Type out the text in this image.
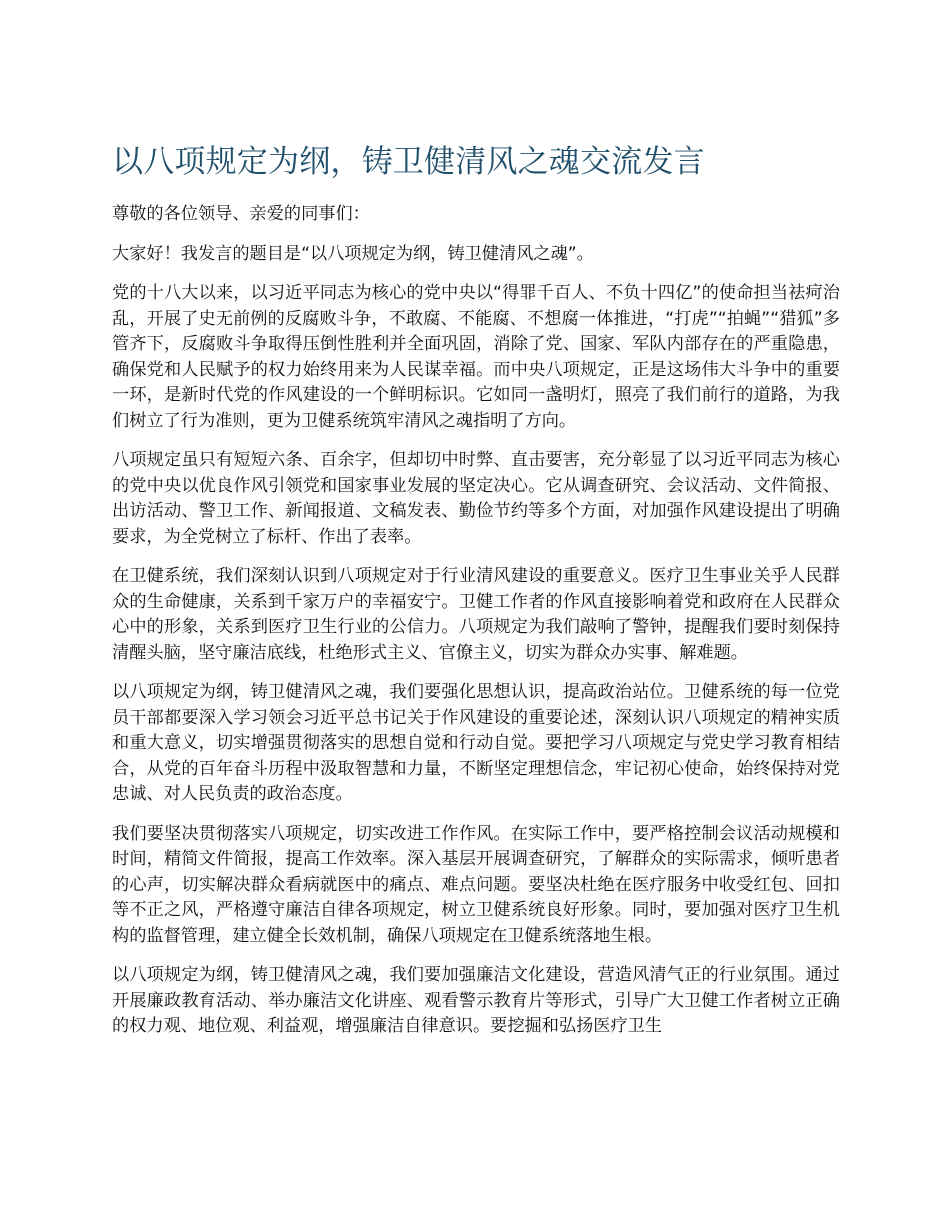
以八项规定为纲，铸卫健清风之魂交流发言

尊敬的各位领导、亲爱的同事们：

大家好！我发言的题目是“以八项规定为纲，铸卫健清风之魂”。

党的十八大以来，以习近平同志为核心的党中央以“得罪千百人、不负十四亿”的使命担当祛疴治乱，开展了史无前例的反腐败斗争，不敢腐、不能腐、不想腐一体推进，“打虎”“拍蝇”“猎狐”多管齐下，反腐败斗争取得压倒性胜利并全面巩固，消除了党、国家、军队内部存在的严重隐患，确保党和人民赋予的权力始终用来为人民谋幸福。而中央八项规定，正是这场伟大斗争中的重要一环，是新时代党的作风建设的一个鲜明标识。它如同一盏明灯，照亮了我们前行的道路，为我们树立了行为准则，更为卫健系统筑牢清风之魂指明了方向。

八项规定虽只有短短六条、百余字，但却切中时弊、直击要害，充分彰显了以习近平同志为核心的党中央以优良作风引领党和国家事业发展的坚定决心。它从调查研究、会议活动、文件简报、出访活动、警卫工作、新闻报道、文稿发表、勤俭节约等多个方面，对加强作风建设提出了明确要求，为全党树立了标杆、作出了表率。

在卫健系统，我们深刻认识到八项规定对于行业清风建设的重要意义。医疗卫生事业关乎人民群众的生命健康，关系到千家万户的幸福安宁。卫健工作者的作风直接影响着党和政府在人民群众心中的形象，关系到医疗卫生行业的公信力。八项规定为我们敲响了警钟，提醒我们要时刻保持清醒头脑，坚守廉洁底线，杜绝形式主义、官僚主义，切实为群众办实事、解难题。

以八项规定为纲，铸卫健清风之魂，我们要强化思想认识，提高政治站位。卫健系统的每一位党员干部都要深入学习领会习近平总书记关于作风建设的重要论述，深刻认识八项规定的精神实质和重大意义，切实增强贯彻落实的思想自觉和行动自觉。要把学习八项规定与党史学习教育相结合，从党的百年奋斗历程中汲取智慧和力量，不断坚定理想信念，牢记初心使命，始终保持对党忠诚、对人民负责的政治态度。

我们要坚决贯彻落实八项规定，切实改进工作作风。在实际工作中，要严格控制会议活动规模和时间，精简文件简报，提高工作效率。深入基层开展调查研究，了解群众的实际需求，倾听患者的心声，切实解决群众看病就医中的痛点、难点问题。要坚决杜绝在医疗服务中收受红包、回扣等不正之风，严格遵守廉洁自律各项规定，树立卫健系统良好形象。同时，要加强对医疗卫生机构的监督管理，建立健全长效机制，确保八项规定在卫健系统落地生根。

以八项规定为纲，铸卫健清风之魂，我们要加强廉洁文化建设，营造风清气正的行业氛围。通过开展廉政教育活动、举办廉洁文化讲座、观看警示教育片等形式，引导广大卫健工作者树立正确的权力观、地位观、利益观，增强廉洁自律意识。要挖掘和弘扬医疗卫生
